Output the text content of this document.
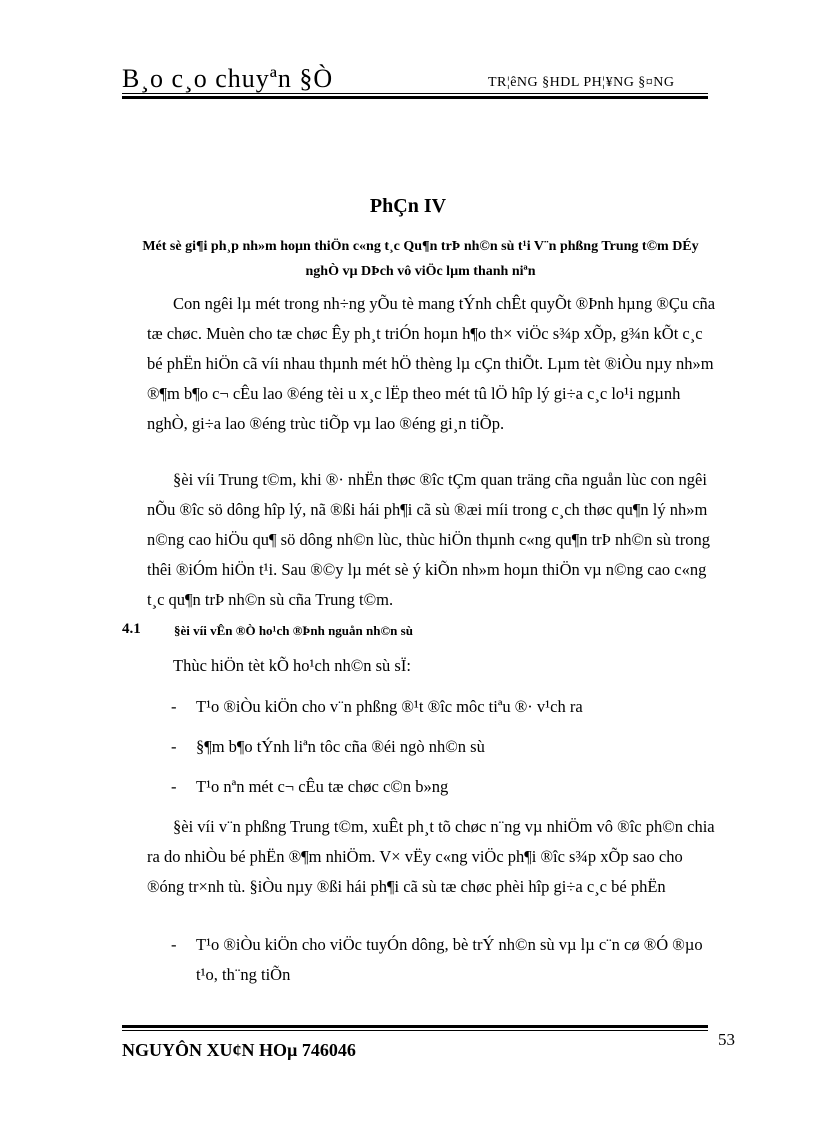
B¸o c¸o chuyªn §Ò	TR¦êNG §HDL PH¦¥NG §¤NG
PhÇn IV
Mét sè gi¶i ph¸p nh»m hoµn thiÖn c«ng t¸c Qu¶n trÞ nh©n sù t¹i V¨n phßng Trung t©m DÉy nghÒ vµ DÞch vô viÖc lµm thanh niªn

Con ngêi lµ mét trong nh÷ng yÕu tè mang tÝnh chÊt quyÕt ®Þnh hµng ®Çu cña tæ chøc. Muèn cho tæ chøc Êy ph¸t triÓn hoµn h¶o th× viÖc s¾p xÕp, g¾n kÕt c¸c bé phËn hiÖn cã víi nhau thµnh mét hÖ thèng lµ cÇn thiÕt. Lµm tèt ®iÒu nµy nh»m ®¶m b¶o c¬ cÊu lao ®éng tèi u x¸c lËp theo mét tû lÖ hîp lý gi÷a c¸c lo¹i ngµnh nghÒ, gi÷a lao ®éng trùc tiÕp vµ lao ®éng gi¸n tiÕp.

§èi víi Trung t©m, khi ®· nhËn thøc ®îc tÇm quan träng cña nguån lùc con ngêi nÕu ®îc sö dông hîp lý, nã ®ßi hái ph¶i cã sù ®æi míi trong c¸ch thøc qu¶n lý nh»m n©ng cao hiÖu qu¶ sö dông nh©n lùc, thùc hiÖn thµnh c«ng qu¶n trÞ nh©n sù trong thêi ®iÓm hiÖn t¹i. Sau ®©y lµ mét sè ý kiÕn nh»m hoµn thiÖn vµ n©ng cao c«ng t¸c qu¶n trÞ nh©n sù cña Trung t©m.

4.1	§èi víi vÊn ®Ò ho¹ch ®Þnh nguån nh©n sù
Thùc hiÖn tèt kÕ ho¹ch nh©n sù sÏ:
- T¹o ®iÒu kiÖn cho v¨n phßng ®¹t ®îc môc tiªu ®· v¹ch ra
- §¶m b¶o tÝnh liªn tôc cña ®éi ngò nh©n sù
- T¹o nªn mét c¬ cÊu tæ chøc c©n b»ng

§èi víi v¨n phßng Trung t©m, xuÊt ph¸t tõ chøc n¨ng vµ nhiÖm vô ®îc ph©n chia ra do nhiÒu bé phËn ®¶m nhiÖm. V× vËy c«ng viÖc ph¶i ®îc s¾p xÕp sao cho ®óng tr×nh tù. §iÒu nµy ®ßi hái ph¶i cã sù tæ chøc phèi hîp gi÷a c¸c bé phËn

- T¹o ®iÒu kiÖn cho viÖc tuyÓn dông, bè trÝ nh©n sù vµ lµ c¨n cø ®Ó ®µo t¹o, th¨ng tiÕn
NGUYÔN XU¢N HOµ 746046
53
